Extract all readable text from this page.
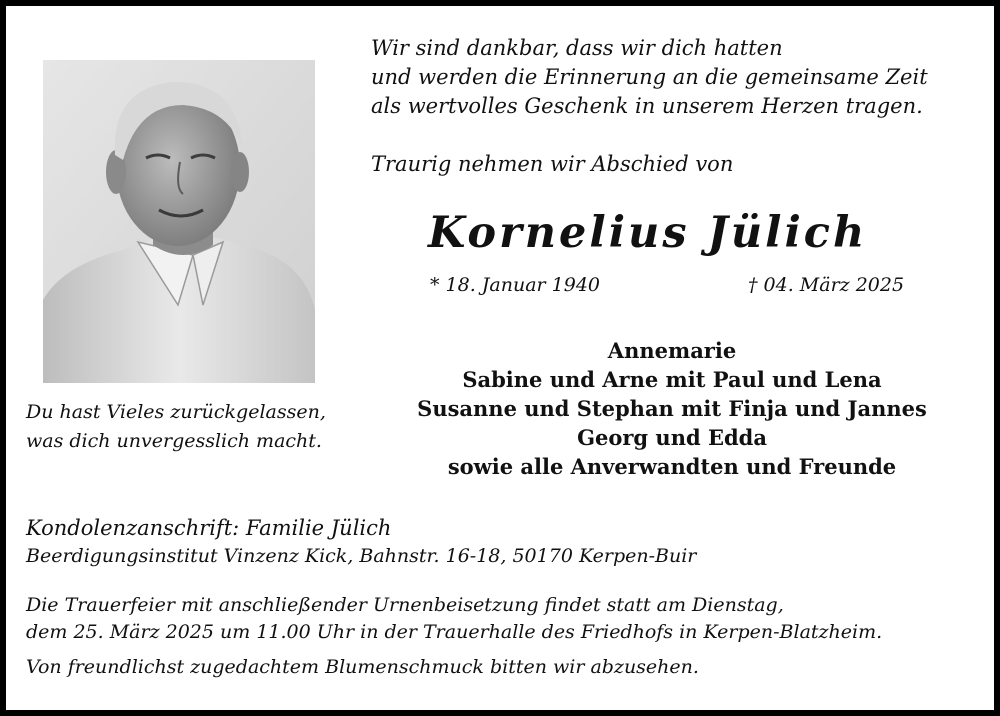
Wir sind dankbar, dass wir dich hatten
und werden die Erinnerung an die gemeinsame Zeit
als wertvolles Geschenk in unserem Herzen tragen.
Traurig nehmen wir Abschied von
Kornelius Jülich
* 18. Januar 1940	† 04. März 2025
Annemarie
Sabine und Arne mit Paul und Lena
Susanne und Stephan mit Finja und Jannes
Georg und Edda
sowie alle Anverwandten und Freunde
Du hast Vieles zurückgelassen,
was dich unvergesslich macht.
Kondolenzanschrift: Familie Jülich
Beerdigungsinstitut Vinzenz Kick, Bahnstr. 16-18, 50170 Kerpen-Buir
Die Trauerfeier mit anschließender Urnenbeisetzung findet statt am Dienstag,
dem 25. März 2025 um 11.00 Uhr in der Trauerhalle des Friedhofs in Kerpen-Blatzheim.
Von freundlichst zugedachtem Blumenschmuck bitten wir abzusehen.
